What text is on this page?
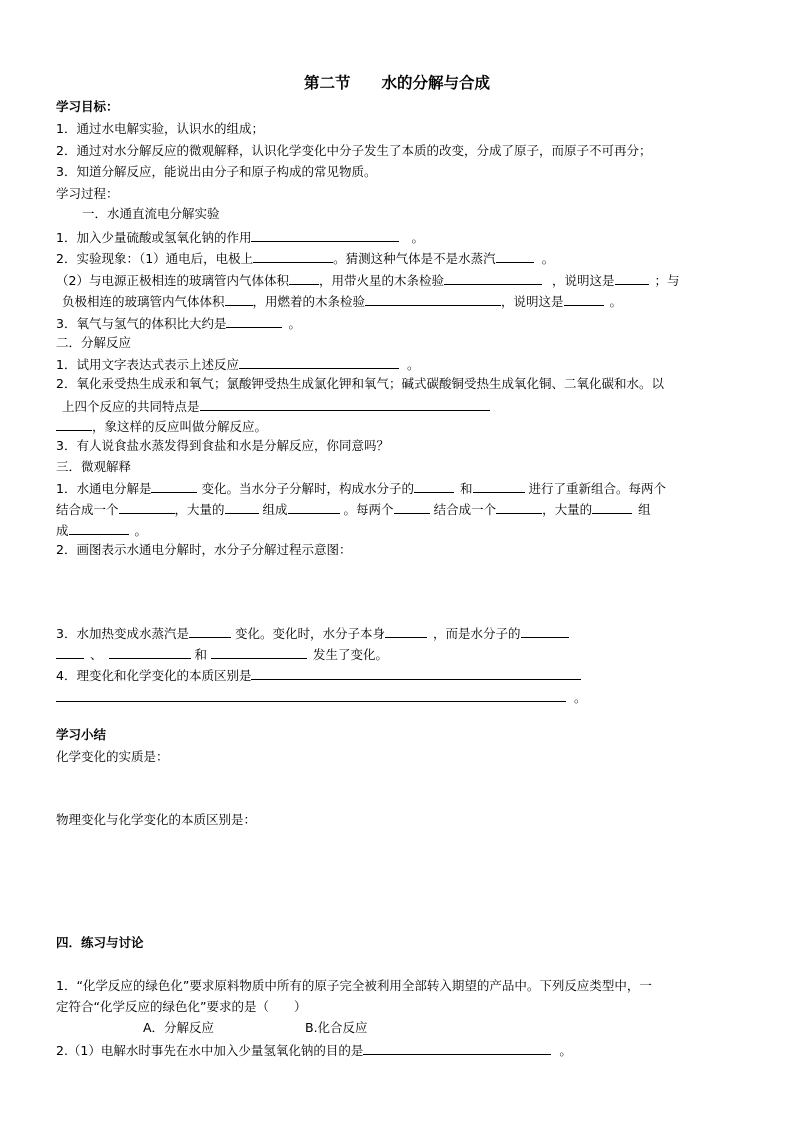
第二节　　水的分解与合成
学习目标：
1．通过水电解实验，认识水的组成；
2．通过对水分解反应的微观解释，认识化学变化中分子发生了本质的改变，分成了原子，而原子不可再分；
3．知道分解反应，能说出由分子和原子构成的常见物质。
学习过程：
一．水通直流电分解实验
1．加入少量硫酸或氢氧化钠的作用	。
2．实验现象：（1）通电后，电极上	。猜测这种气体是不是水蒸汽	。
（2）与电源正极相连的玻璃管内气体体积 ，用带火星的木条检验	，说明这是	；与
负极相连的玻璃管内气体体积 ，用燃着的木条检验	，说明这是	。
3．氧气与氢气的体积比大约是	。
二．分解反应
1．试用文字表达式表示上述反应	。
2．氧化汞受热生成汞和氧气；氯酸钾受热生成氯化钾和氧气；碱式碳酸铜受热生成氧化铜、二氧化碳和水。以
上四个反应的共同特点是
，象这样的反应叫做分解反应。
3．有人说食盐水蒸发得到食盐和水是分解反应，你同意吗？
三．微观解释
1．水通电分解是	变化。当水分子分解时，构成水分子的	和	进行了重新组合。每两个
结合成一个	，大量的	组成	。每两个	结合成一个	，大量的	组
成	。
2．画图表示水通电分解时，水分子分解过程示意图：
3．水加热变成水蒸汽是	变化。变化时，水分子本身	，而是水分子的
、	和	发生了变化。
4．理变化和化学变化的本质区别是
。
学习小结
化学变化的实质是：
物理变化与化学变化的本质区别是：
四．练习与讨论
1．“化学反应的绿色化”要求原料物质中所有的原子完全被利用全部转入期望的产品中。下列反应类型中，一
定符合“化学反应的绿色化”要求的是（　　）
A．分解反应	B.化合反应
2.（1）电解水时事先在水中加入少量氢氧化钠的目的是	。
